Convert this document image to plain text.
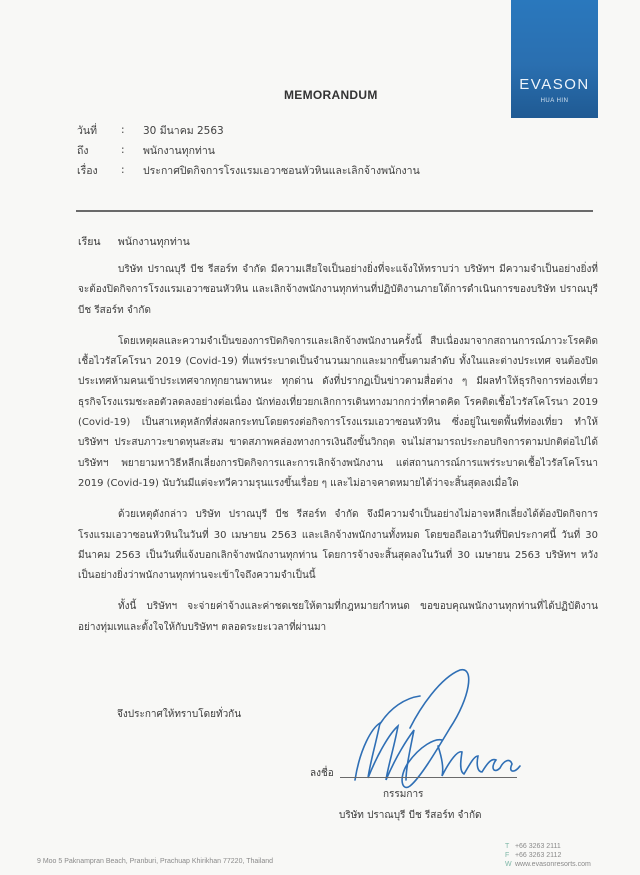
EVASON
HUA HIN
MEMORANDUM
วันที่	:	30 มีนาคม 2563
ถึง	:	พนักงานทุกท่าน
เรื่อง	:	ประกาศปิดกิจการโรงแรมเอวาซอนหัวหินและเลิกจ้างพนักงาน
เรียน พนักงานทุกท่าน

บริษัท ปราณบุรี บีช รีสอร์ท จำกัด มีความเสียใจเป็นอย่างยิ่งที่จะแจ้งให้ทราบว่า บริษัทฯ มีความจำเป็นอย่างยิ่งที่จะต้องปิดกิจการโรงแรมเอวาซอนหัวหิน และเลิกจ้างพนักงานทุกท่านที่ปฏิบัติงานภายใต้การดำเนินการของบริษัท ปราณบุรี บีช รีสอร์ท จำกัด

โดยเหตุผลและความจำเป็นของการปิดกิจการและเลิกจ้างพนักงานครั้งนี้ สืบเนื่องมาจากสถานการณ์ภาวะโรคติดเชื้อไวรัสโคโรนา 2019 (Covid-19) ที่แพร่ระบาดเป็นจำนวนมากและมากขึ้นตามลำดับ ทั้งในและต่างประเทศ จนต้องปิดประเทศห้ามคนเข้าประเทศจากทุกยานพาหนะ ทุกด่าน ดังที่ปรากฏเป็นข่าวตามสื่อต่าง ๆ มีผลทำให้ธุรกิจการท่องเที่ยว ธุรกิจโรงแรมชะลอตัวลดลงอย่างต่อเนื่อง นักท่องเที่ยวยกเลิกการเดินทางมากกว่าที่คาดคิด โรคติดเชื้อไวรัสโคโรนา 2019 (Covid-19) เป็นสาเหตุหลักที่ส่งผลกระทบโดยตรงต่อกิจการโรงแรมเอวาซอนหัวหิน ซึ่งอยู่ในเขตพื้นที่ท่องเที่ยว ทำให้บริษัทฯ ประสบภาวะขาดทุนสะสม ขาดสภาพคล่องทางการเงินถึงขั้นวิกฤต จนไม่สามารถประกอบกิจการตามปกติต่อไปได้ บริษัทฯ พยายามหาวิธีหลีกเลี่ยงการปิดกิจการและการเลิกจ้างพนักงาน แต่สถานการณ์การแพร่ระบาดเชื้อไวรัสโคโรนา 2019 (Covid-19) นับวันมีแต่จะทวีความรุนแรงขึ้นเรื่อย ๆ และไม่อาจคาดหมายได้ว่าจะสิ้นสุดลงเมื่อใด

ด้วยเหตุดังกล่าว บริษัท ปราณบุรี บีช รีสอร์ท จำกัด จึงมีความจำเป็นอย่างไม่อาจหลีกเลี่ยงได้ต้องปิดกิจการโรงแรมเอวาซอนหัวหินในวันที่ 30 เมษายน 2563 และเลิกจ้างพนักงานทั้งหมด โดยขอถือเอาวันที่ปิดประกาศนี้ วันที่ 30 มีนาคม 2563 เป็นวันที่แจ้งบอกเลิกจ้างพนักงานทุกท่าน โดยการจ้างจะสิ้นสุดลงในวันที่ 30 เมษายน 2563 บริษัทฯ หวังเป็นอย่างยิ่งว่าพนักงานทุกท่านจะเข้าใจถึงความจำเป็นนี้

ทั้งนี้ บริษัทฯ จะจ่ายค่าจ้างและค่าชดเชยให้ตามที่กฎหมายกำหนด ขอขอบคุณพนักงานทุกท่านที่ได้ปฏิบัติงานอย่างทุ่มเทและตั้งใจให้กับบริษัทฯ ตลอดระยะเวลาที่ผ่านมา

จึงประกาศให้ทราบโดยทั่วกัน
ลงชื่อ
กรรมการ
บริษัท ปราณบุรี บีช รีสอร์ท จำกัด
9 Moo 5 Paknampran Beach, Pranburi, Prachuap Khirikhan 77220, Thailand
T +66 3263 2111
F +66 3263 2112
W www.evasonresorts.com
